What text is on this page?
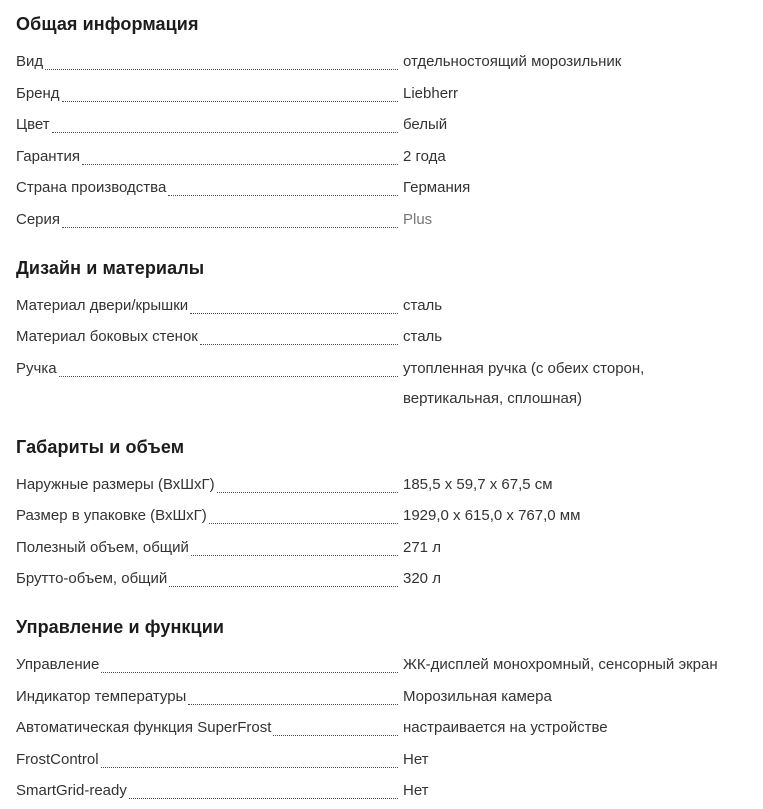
Общая информация
Вид	отдельностоящий морозильник
Бренд	Liebherr
Цвет	белый
Гарантия	2 года
Страна производства	Германия
Серия	Plus
Дизайн и материалы
Материал двери/крышки	сталь
Материал боковых стенок	сталь
Ручка	утопленная ручка (с обеих сторон, вертикальная, сплошная)
Габариты и объем
Наружные размеры (ВхШхГ)	185,5 x 59,7 x 67,5 см
Размер в упаковке (ВхШхГ)	1929,0 x 615,0 x 767,0 мм
Полезный объем, общий	271 л
Брутто-объем, общий	320 л
Управление и функции
Управление	ЖК-дисплей монохромный, сенсорный экран
Индикатор температуры	Морозильная камера
Автоматическая функция SuperFrost	настраивается на устройстве
FrostControl	Нет
SmartGrid-ready	Нет
